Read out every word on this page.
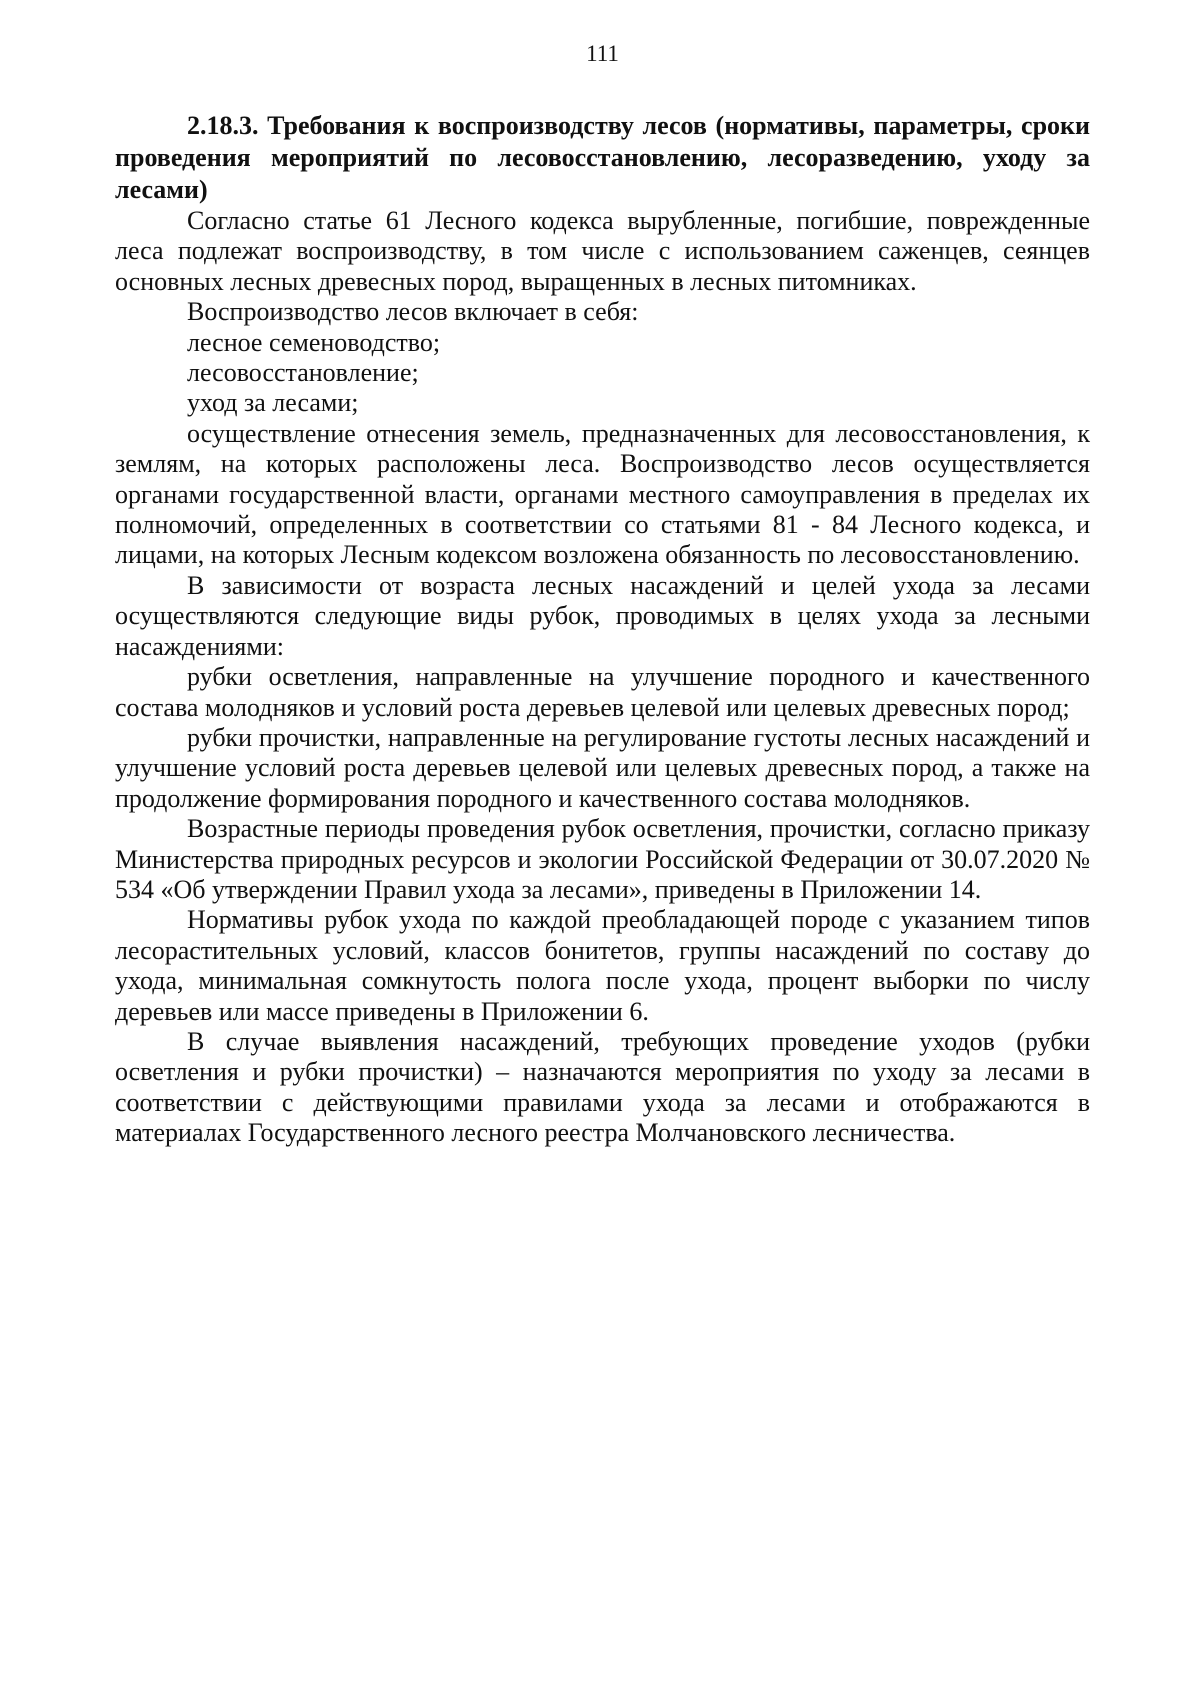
111

2.18.3. Требования к воспроизводству лесов (нормативы, параметры, сроки проведения мероприятий по лесовосстановлению, лесоразведению, уходу за лесами)

Согласно статье 61 Лесного кодекса вырубленные, погибшие, поврежденные леса подлежат воспроизводству, в том числе с использованием саженцев, сеянцев основных лесных древесных пород, выращенных в лесных питомниках.

Воспроизводство лесов включает в себя:

лесное семеноводство;

лесовосстановление;

уход за лесами;

осуществление отнесения земель, предназначенных для лесовосстановления, к землям, на которых расположены леса. Воспроизводство лесов осуществляется органами государственной власти, органами местного самоуправления в пределах их полномочий, определенных в соответствии со статьями 81 - 84 Лесного кодекса, и лицами, на которых Лесным кодексом возложена обязанность по лесовосстановлению.

В зависимости от возраста лесных насаждений и целей ухода за лесами осуществляются следующие виды рубок, проводимых в целях ухода за лесными насаждениями:

рубки осветления, направленные на улучшение породного и качественного состава молодняков и условий роста деревьев целевой или целевых древесных пород;

рубки прочистки, направленные на регулирование густоты лесных насаждений и улучшение условий роста деревьев целевой или целевых древесных пород, а также на продолжение формирования породного и качественного состава молодняков.

Возрастные периоды проведения рубок осветления, прочистки, согласно приказу Министерства природных ресурсов и экологии Российской Федерации от 30.07.2020 № 534 «Об утверждении Правил ухода за лесами», приведены в Приложении 14.

Нормативы рубок ухода по каждой преобладающей породе с указанием типов лесорастительных условий, классов бонитетов, группы насаждений по составу до ухода, минимальная сомкнутость полога после ухода, процент выборки по числу деревьев или массе приведены в Приложении 6.

В случае выявления насаждений, требующих проведение уходов (рубки осветления и рубки прочистки) – назначаются мероприятия по уходу за лесами в соответствии с действующими правилами ухода за лесами и отображаются в материалах Государственного лесного реестра Молчановского лесничества.
